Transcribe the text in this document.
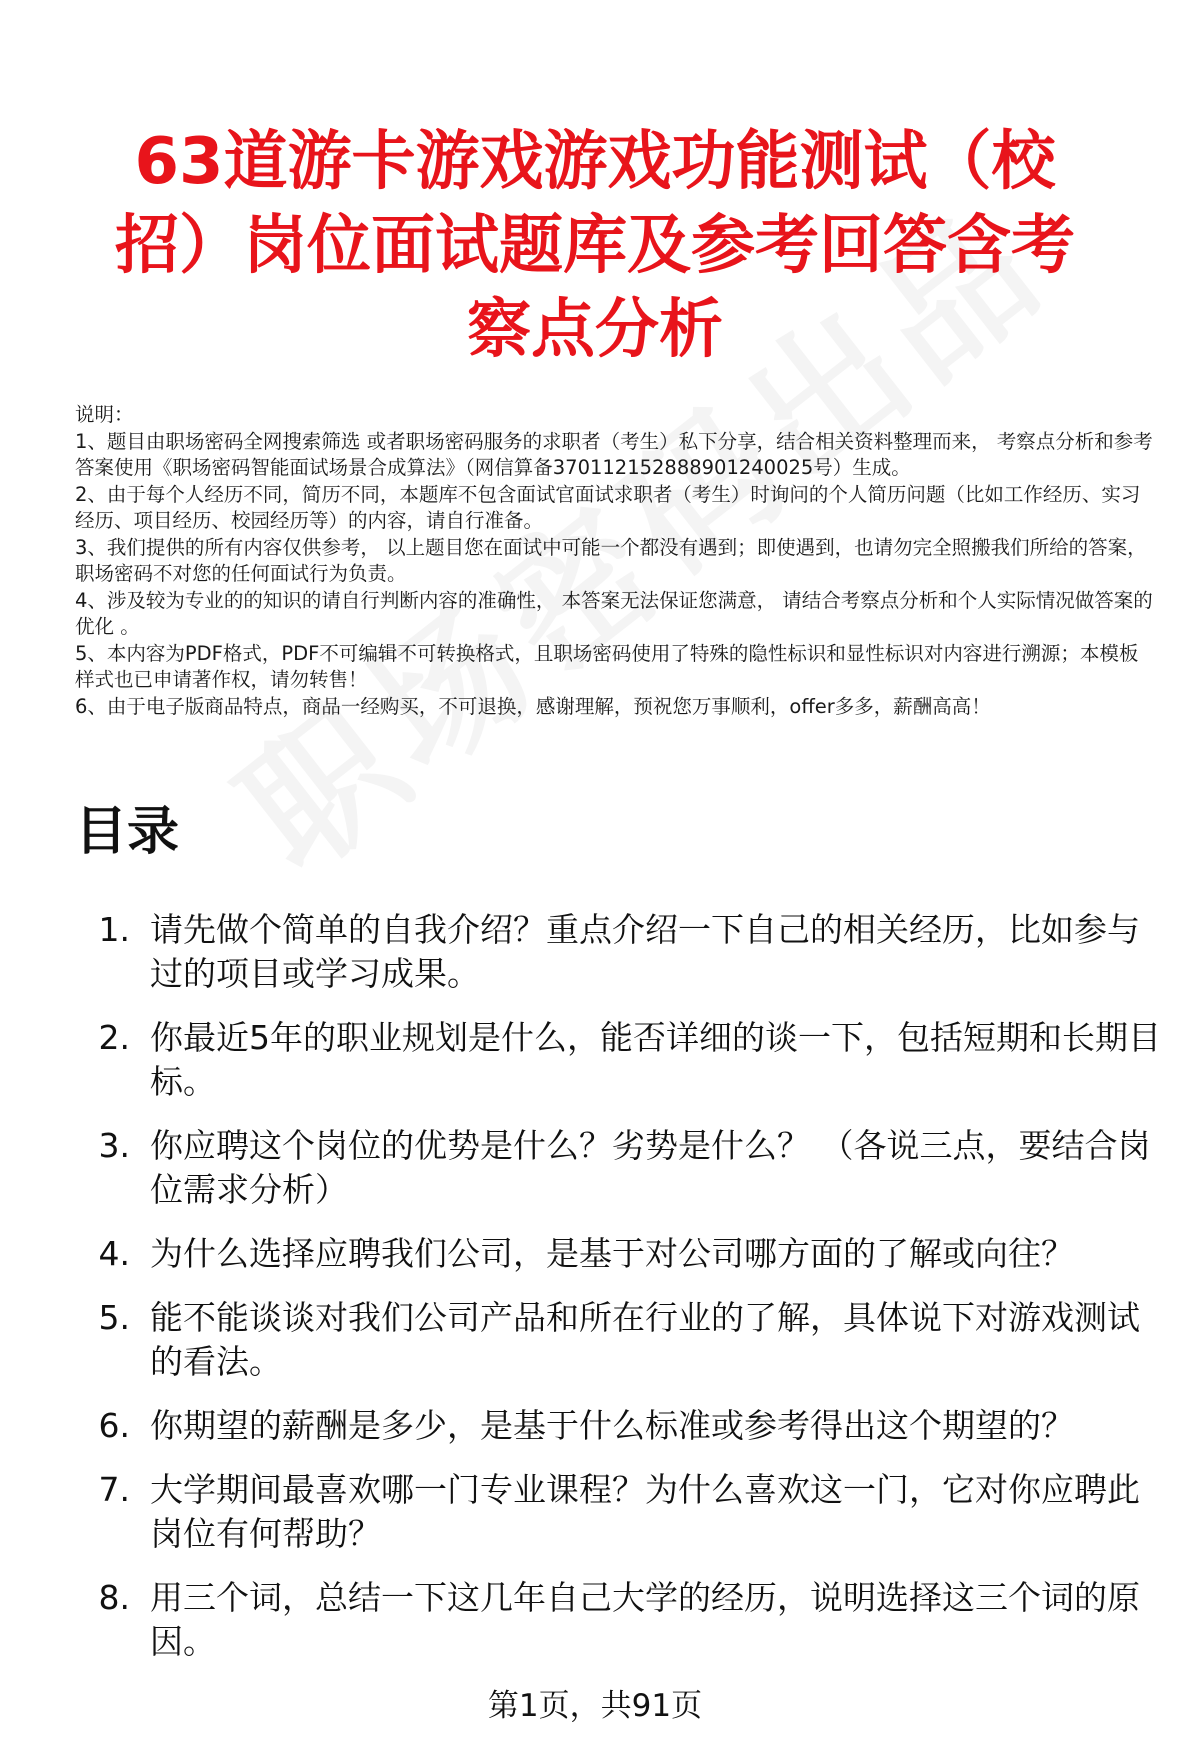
63道游卡游戏游戏功能测试（校招）岗位面试题库及参考回答含考察点分析

说明：

1、题目由职场密码全网搜索筛选 或者职场密码服务的求职者（考生）私下分享，结合相关资料整理而来， 考察点分析和参考答案使用《职场密码智能面试场景合成算法》（网信算备370112152888901240025号）生成。

2、由于每个人经历不同，简历不同，本题库不包含面试官面试求职者（考生）时询问的个人简历问题（比如工作经历、实习经历、项目经历、校园经历等）的内容，请自行准备。

3、我们提供的所有内容仅供参考， 以上题目您在面试中可能一个都没有遇到；即使遇到，也请勿完全照搬我们所给的答案，职场密码不对您的任何面试行为负责。

4、涉及较为专业的的知识的请自行判断内容的准确性， 本答案无法保证您满意， 请结合考察点分析和个人实际情况做答案的优化 。

5、本内容为PDF格式，PDF不可编辑不可转换格式，且职场密码使用了特殊的隐性标识和显性标识对内容进行溯源；本模板样式也已申请著作权，请勿转售！

6、由于电子版商品特点，商品一经购买，不可退换，感谢理解，预祝您万事顺利，offer多多，薪酬高高！

目录
1. 请先做个简单的自我介绍？重点介绍一下自己的相关经历，比如参与过的项目或学习成果。
2. 你最近5年的职业规划是什么，能否详细的谈一下，包括短期和长期目标。
3. 你应聘这个岗位的优势是什么？劣势是什么？ （各说三点，要结合岗位需求分析）
4. 为什么选择应聘我们公司，是基于对公司哪方面的了解或向往？
5. 能不能谈谈对我们公司产品和所在行业的了解，具体说下对游戏测试的看法。
6. 你期望的薪酬是多少，是基于什么标准或参考得出这个期望的？
7. 大学期间最喜欢哪一门专业课程？为什么喜欢这一门，它对你应聘此岗位有何帮助？
8. 用三个词，总结一下这几年自己大学的经历，说明选择这三个词的原因。
第1页，共91页
